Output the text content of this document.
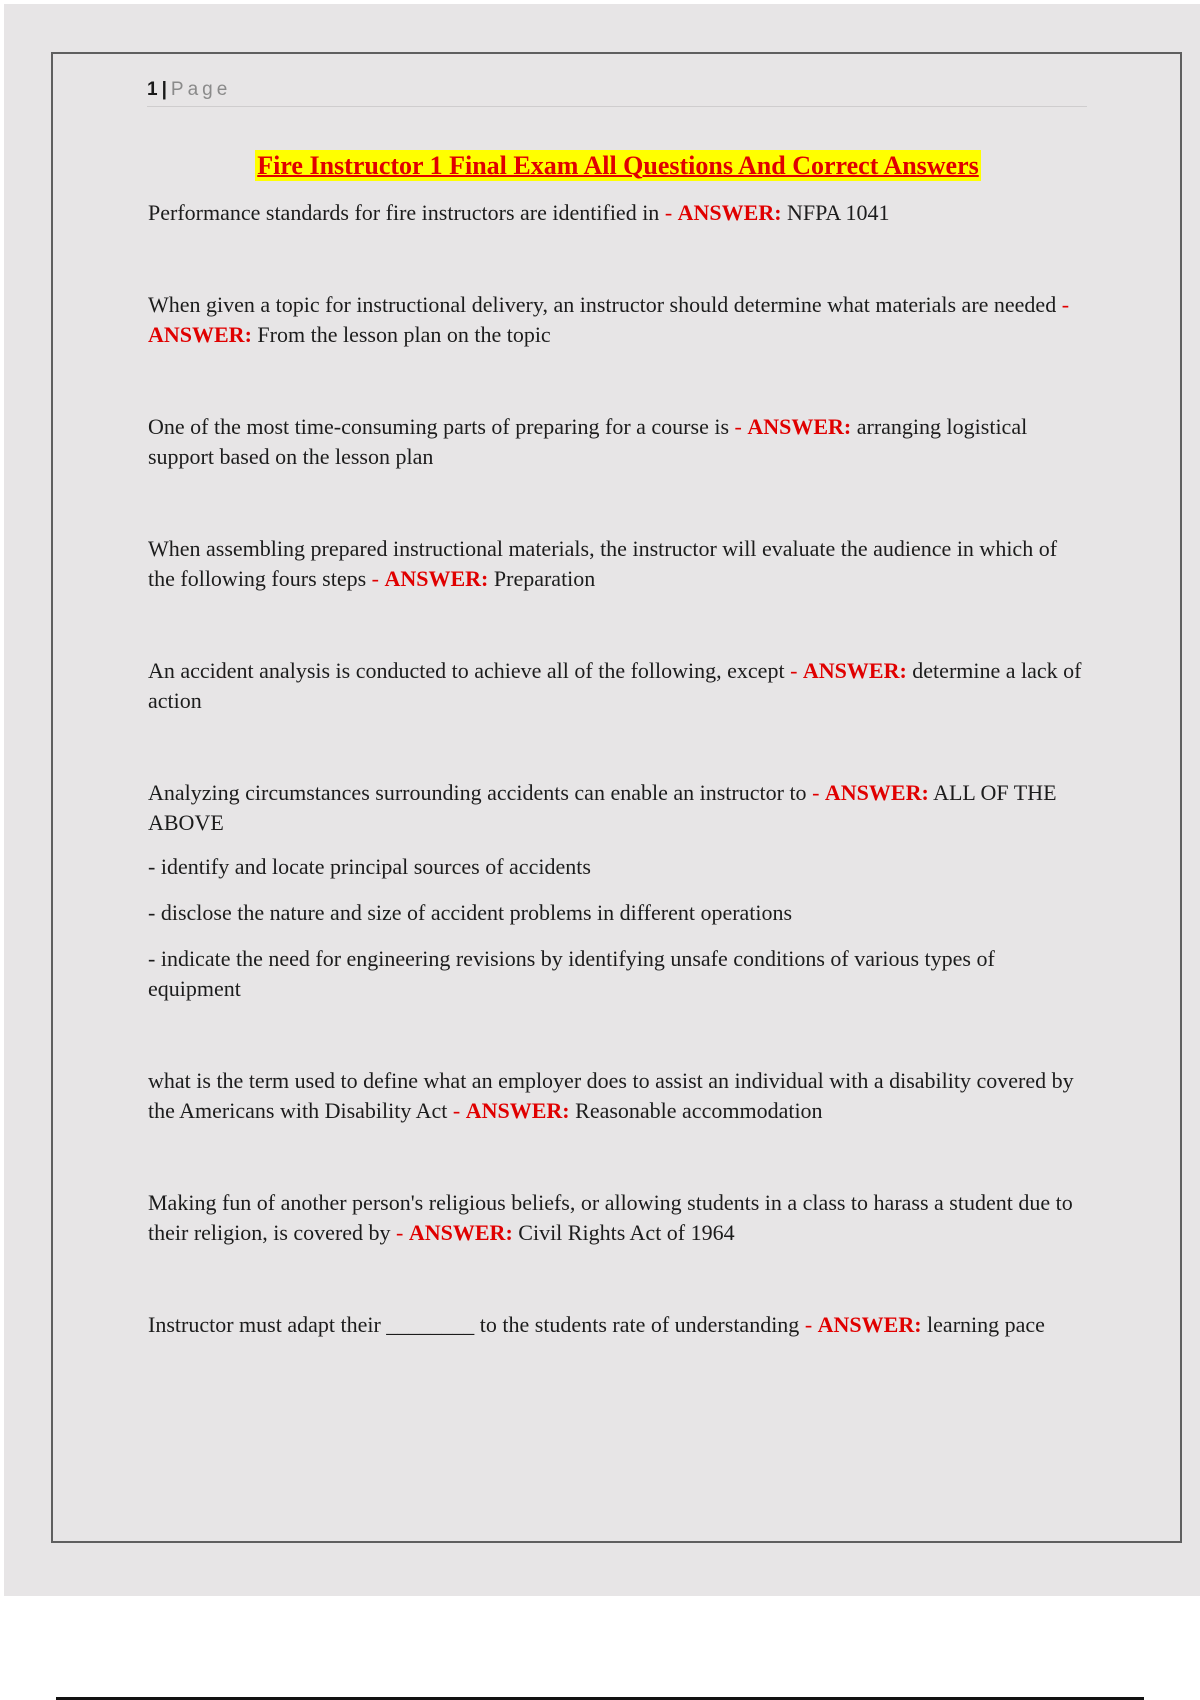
1 | Page
Fire Instructor 1 Final Exam All Questions And Correct Answers

Performance standards for fire instructors are identified in - ANSWER: NFPA 1041

When given a topic for instructional delivery, an instructor should determine what materials are needed - ANSWER: From the lesson plan on the topic

One of the most time-consuming parts of preparing for a course is - ANSWER: arranging logistical support based on the lesson plan

When assembling prepared instructional materials, the instructor will evaluate the audience in which of the following fours steps - ANSWER: Preparation

An accident analysis is conducted to achieve all of the following, except - ANSWER: determine a lack of action

Analyzing circumstances surrounding accidents can enable an instructor to - ANSWER: ALL OF THE ABOVE

- identify and locate principal sources of accidents

- disclose the nature and size of accident problems in different operations

- indicate the need for engineering revisions by identifying unsafe conditions of various types of equipment

what is the term used to define what an employer does to assist an individual with a disability covered by the Americans with Disability Act - ANSWER: Reasonable accommodation

Making fun of another person's religious beliefs, or allowing students in a class to harass a student due to their religion, is covered by - ANSWER: Civil Rights Act of 1964

Instructor must adapt their ________ to the students rate of understanding - ANSWER: learning pace
